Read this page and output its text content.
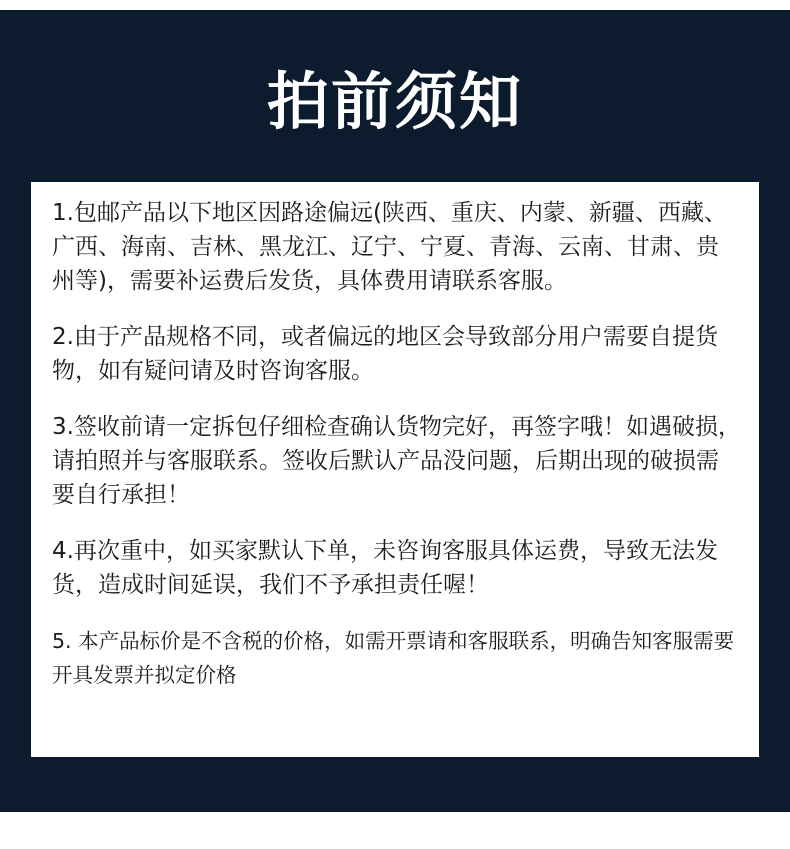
拍前须知

1.包邮产品以下地区因路途偏远(陕西、重庆、内蒙、新疆、西藏、广西、海南、吉林、黑龙江、辽宁、宁夏、青海、云南、甘肃、贵州等)，需要补运费后发货，具体费用请联系客服。

2.由于产品规格不同，或者偏远的地区会导致部分用户需要自提货物，如有疑问请及时咨询客服。

3.签收前请一定拆包仔细检查确认货物完好，再签字哦！如遇破损，请拍照并与客服联系。签收后默认产品没问题，后期出现的破损需要自行承担！

4.再次重中，如买家默认下单，未咨询客服具体运费，导致无法发货，造成时间延误，我们不予承担责任喔！

5. 本产品标价是不含税的价格，如需开票请和客服联系，明确告知客服需要开具发票并拟定价格
